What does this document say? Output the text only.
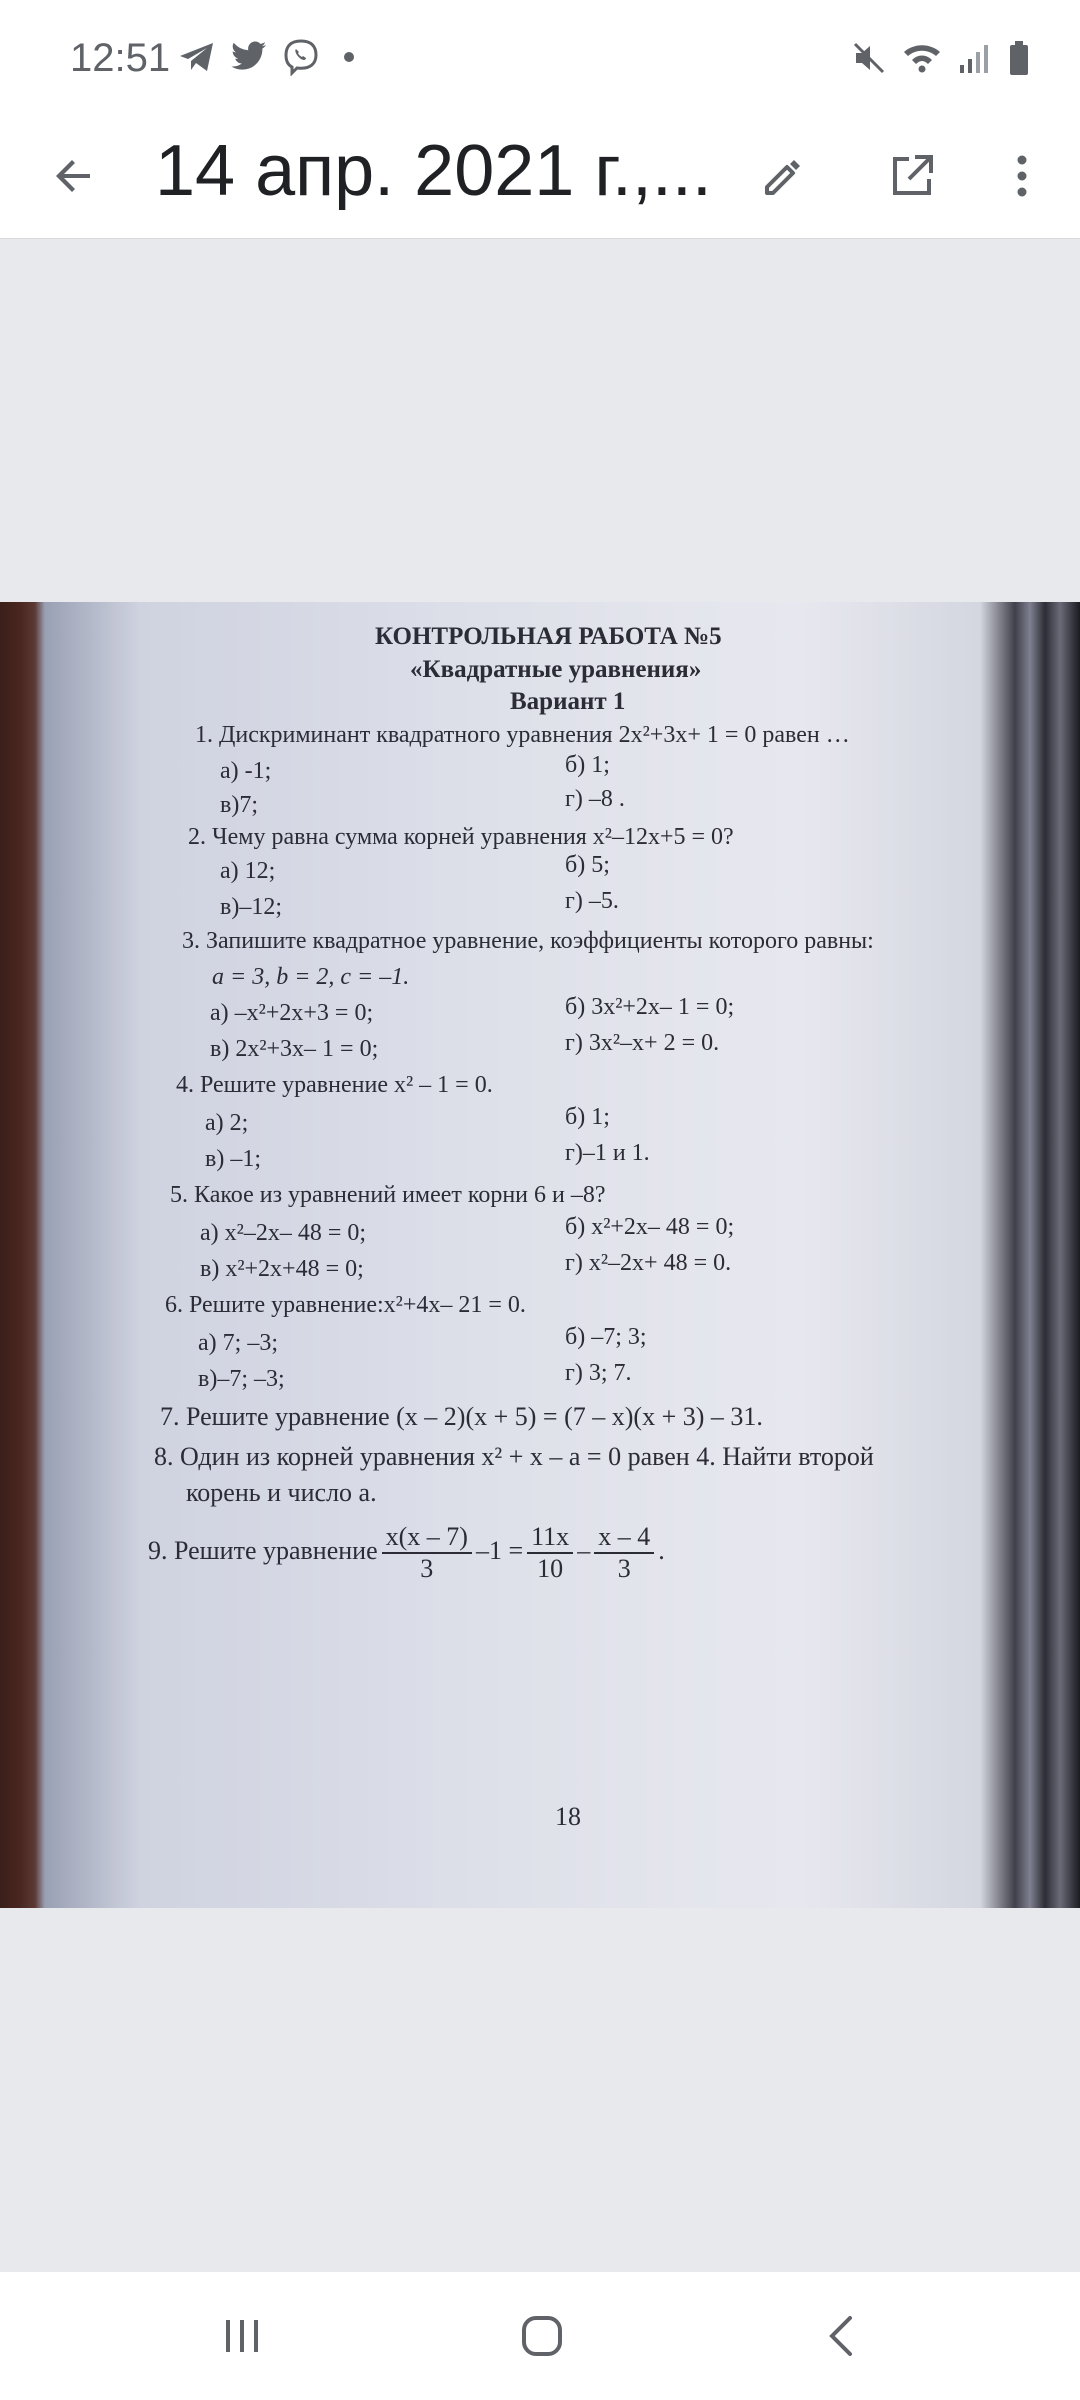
12:51
14 апр. 2021 г.,...
КОНТРОЛЬНАЯ РАБОТА №5
«Квадратные уравнения»
Вариант 1
1. Дискриминант квадратного уравнения 2x²+3x+ 1 = 0 равен …
а) -1;	б) 1;
в)7;	г) –8 .
2. Чему равна сумма корней уравнения x²–12x+5 = 0?
а) 12;	б) 5;
в)–12;	г) –5.
3. Запишите квадратное уравнение, коэффициенты которого равны:
a = 3, b = 2, c = –1.
а) –x²+2x+3 = 0;	б) 3x²+2x– 1 = 0;
в) 2x²+3x– 1 = 0;	г) 3x²–x+ 2 = 0.
4. Решите уравнение x² – 1 = 0.
а) 2;	б) 1;
в) –1;	г)–1 и 1.
5. Какое из уравнений имеет корни 6 и –8?
а) x²–2x– 48 = 0;	б) x²+2x– 48 = 0;
в) x²+2x+48 = 0;	г) x²–2x+ 48 = 0.
6. Решите уравнение:x²+4x– 21 = 0.
а) 7; –3;	б) –7; 3;
в)–7; –3;	г) 3; 7.
7. Решите уравнение (x – 2)(x + 5) = (7 – x)(x + 3) – 31.
8. Один из корней уравнения x² + x – a = 0 равен 4. Найти второй
корень и число a.
9. Решите уравнение $\frac{x(x - 7)}{3} -1 = \frac{11x}{10} - \frac{x - 4}{3}$ .
18
